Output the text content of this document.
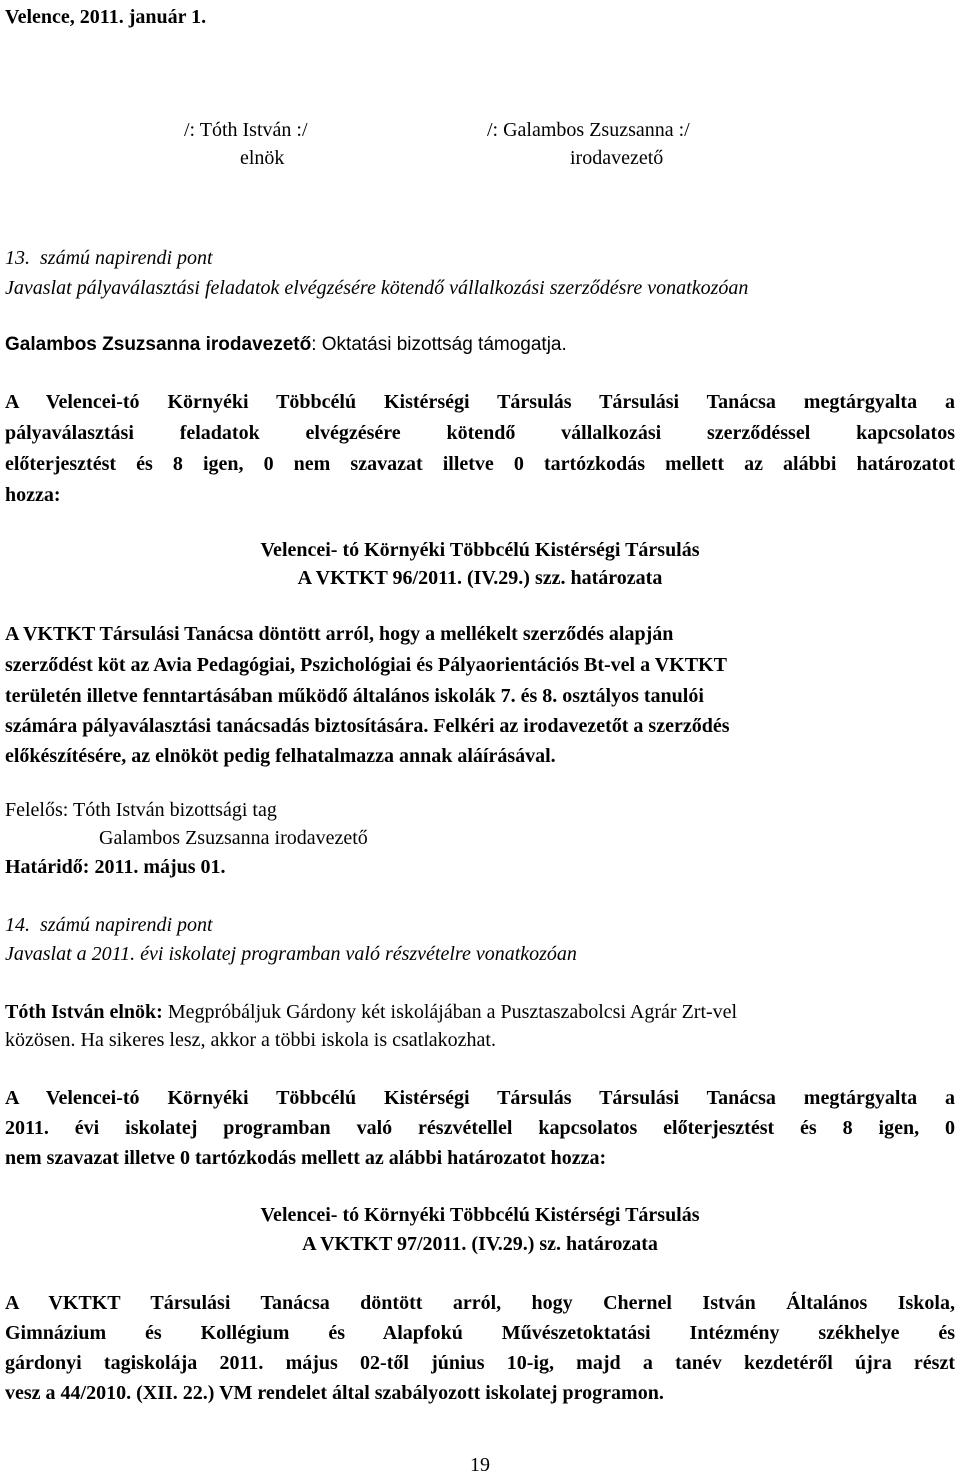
Velence, 2011. január 1.
/: Tóth István :/
elnök
/: Galambos Zsuzsanna :/
irodavezető
13. számú napirendi pont
Javaslat pályaválasztási feladatok elvégzésére kötendő vállalkozási szerződésre vonatkozóan
Galambos Zsuzsanna irodavezető: Oktatási bizottság támogatja.
A Velencei-tó Környéki Többcélú Kistérségi Társulás Társulási Tanácsa megtárgyalta a
pályaválasztási feladatok elvégzésére kötendő vállalkozási szerződéssel kapcsolatos
előterjesztést és 8 igen, 0 nem szavazat illetve 0 tartózkodás mellett az alábbi határozatot
hozza:
Velencei- tó Környéki Többcélú Kistérségi Társulás
A VKTKT 96/2011. (IV.29.) szz. határozata
A VKTKT Társulási Tanácsa döntött arról, hogy a mellékelt szerződés alapján
szerződést köt az Avia Pedagógiai, Pszichológiai és Pályaorientációs Bt-vel a VKTKT
területén illetve fenntartásában működő általános iskolák 7. és 8. osztályos tanulói
számára pályaválasztási tanácsadás biztosítására. Felkéri az irodavezetőt a szerződés
előkészítésére, az elnököt pedig felhatalmazza annak aláírásával.
Felelős: Tóth István bizottsági tag
Galambos Zsuzsanna irodavezető
Határidő: 2011. május 01.
14. számú napirendi pont
Javaslat a 2011. évi iskolatej programban való részvételre vonatkozóan
Tóth István elnök: Megpróbáljuk Gárdony két iskolájában a Pusztaszabolcsi Agrár Zrt-vel
közösen. Ha sikeres lesz, akkor a többi iskola is csatlakozhat.
A Velencei-tó Környéki Többcélú Kistérségi Társulás Társulási Tanácsa megtárgyalta a
2011. évi iskolatej programban való részvétellel kapcsolatos előterjesztést és 8 igen, 0
nem szavazat illetve 0 tartózkodás mellett az alábbi határozatot hozza:
Velencei- tó Környéki Többcélú Kistérségi Társulás
A VKTKT 97/2011. (IV.29.) sz. határozata
A VKTKT Társulási Tanácsa döntött arról, hogy Chernel István Általános Iskola,
Gimnázium és Kollégium és Alapfokú Művészetoktatási Intézmény székhelye és
gárdonyi tagiskolája 2011. május 02-től június 10-ig, majd a tanév kezdetéről újra részt
vesz a 44/2010. (XII. 22.) VM rendelet által szabályozott iskolatej programon.
19
